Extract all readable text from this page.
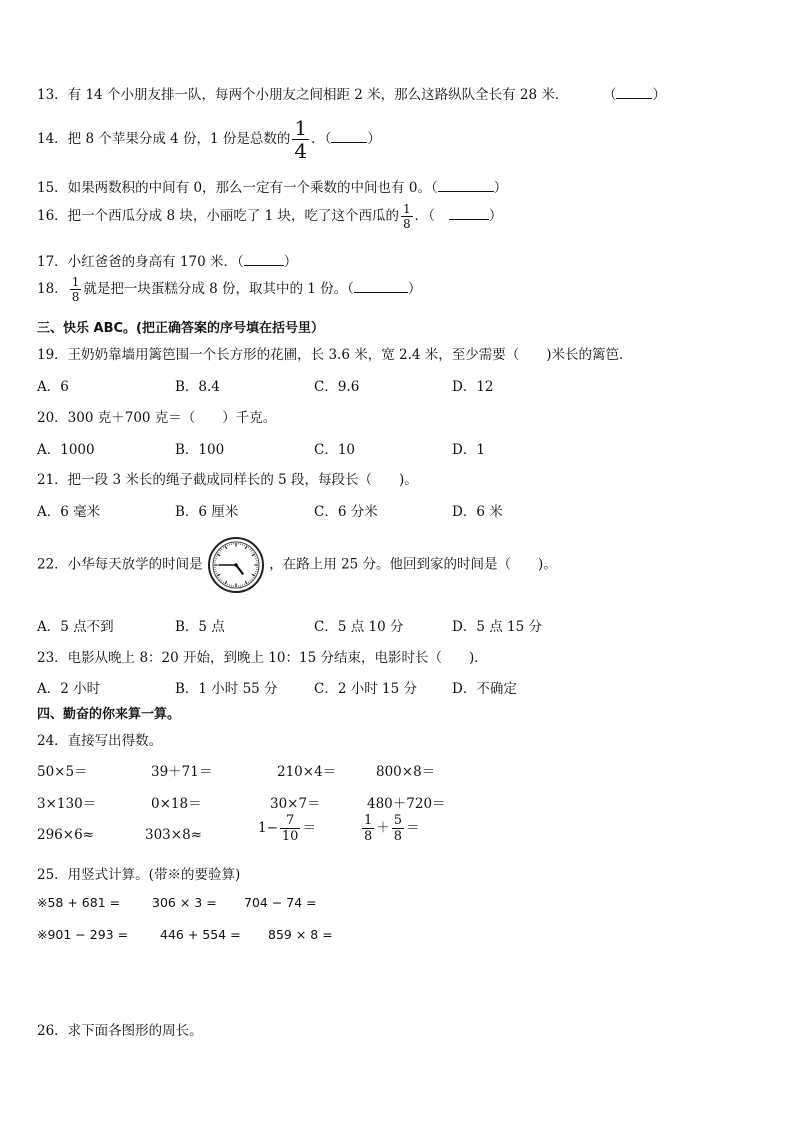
13．有 14 个小朋友排一队，每两个小朋友之间相距 2 米，那么这路纵队全长有 28 米．	（	）
14．把 8 个苹果分成 4 份，1 份是总数的 $\frac{1}{4}$ ．（	）
15．如果两数积的中间有 0，那么一定有一个乘数的中间也有 0。（	）
16．把一个西瓜分成 8 块，小丽吃了 1 块，吃了这个西瓜的 $\frac{1}{8}$ ．（	）
17．小红爸爸的身高有 170 米．（	）
18． $\frac{1}{8}$ 就是把一块蛋糕分成 8 份，取其中的 1 份。（	）
三、快乐 ABC。(把正确答案的序号填在括号里）
19．王奶奶靠墙用篱笆围一个长方形的花圃，长 3.6 米，宽 2.4 米，至少需要（　　)米长的篱笆．
A．6	B．8.4	C．9.6	D．12
20．300 克＋700 克＝（　　）千克。
A．1000	B．100	C．10	D．1
21．把一段 3 米长的绳子截成同样长的 5 段，每段长（　　)。
A．6 毫米	B．6 厘米	C．6 分米	D．6 米
22．小华每天放学的时间是	，在路上用 25 分。他回到家的时间是（　　)。
A．5 点不到	B．5 点	C．5 点 10 分	D．5 点 15 分
23．电影从晚上 8：20 开始，到晚上 10：15 分结束，电影时长（　　)．
A．2 小时	B．1 小时 55 分	C．2 小时 15 分	D．不确定
四、勤奋的你来算一算。
24．直接写出得数。
50×5＝	39＋71＝	210×4＝	800×8＝
3×130＝	0×18＝	30×7＝	480＋720＝
296×6≈	303×8≈	$1- \frac{7}{10}$ ＝	$\frac{1}{8} + \frac{5}{8}$ ＝
25．用竖式计算。(带※的要验算)
※58 + 681 =	306 × 3 = 704 − 74 =
※901 − 293 =	446 + 554 = 859 × 8 =
26．求下面各图形的周长。
